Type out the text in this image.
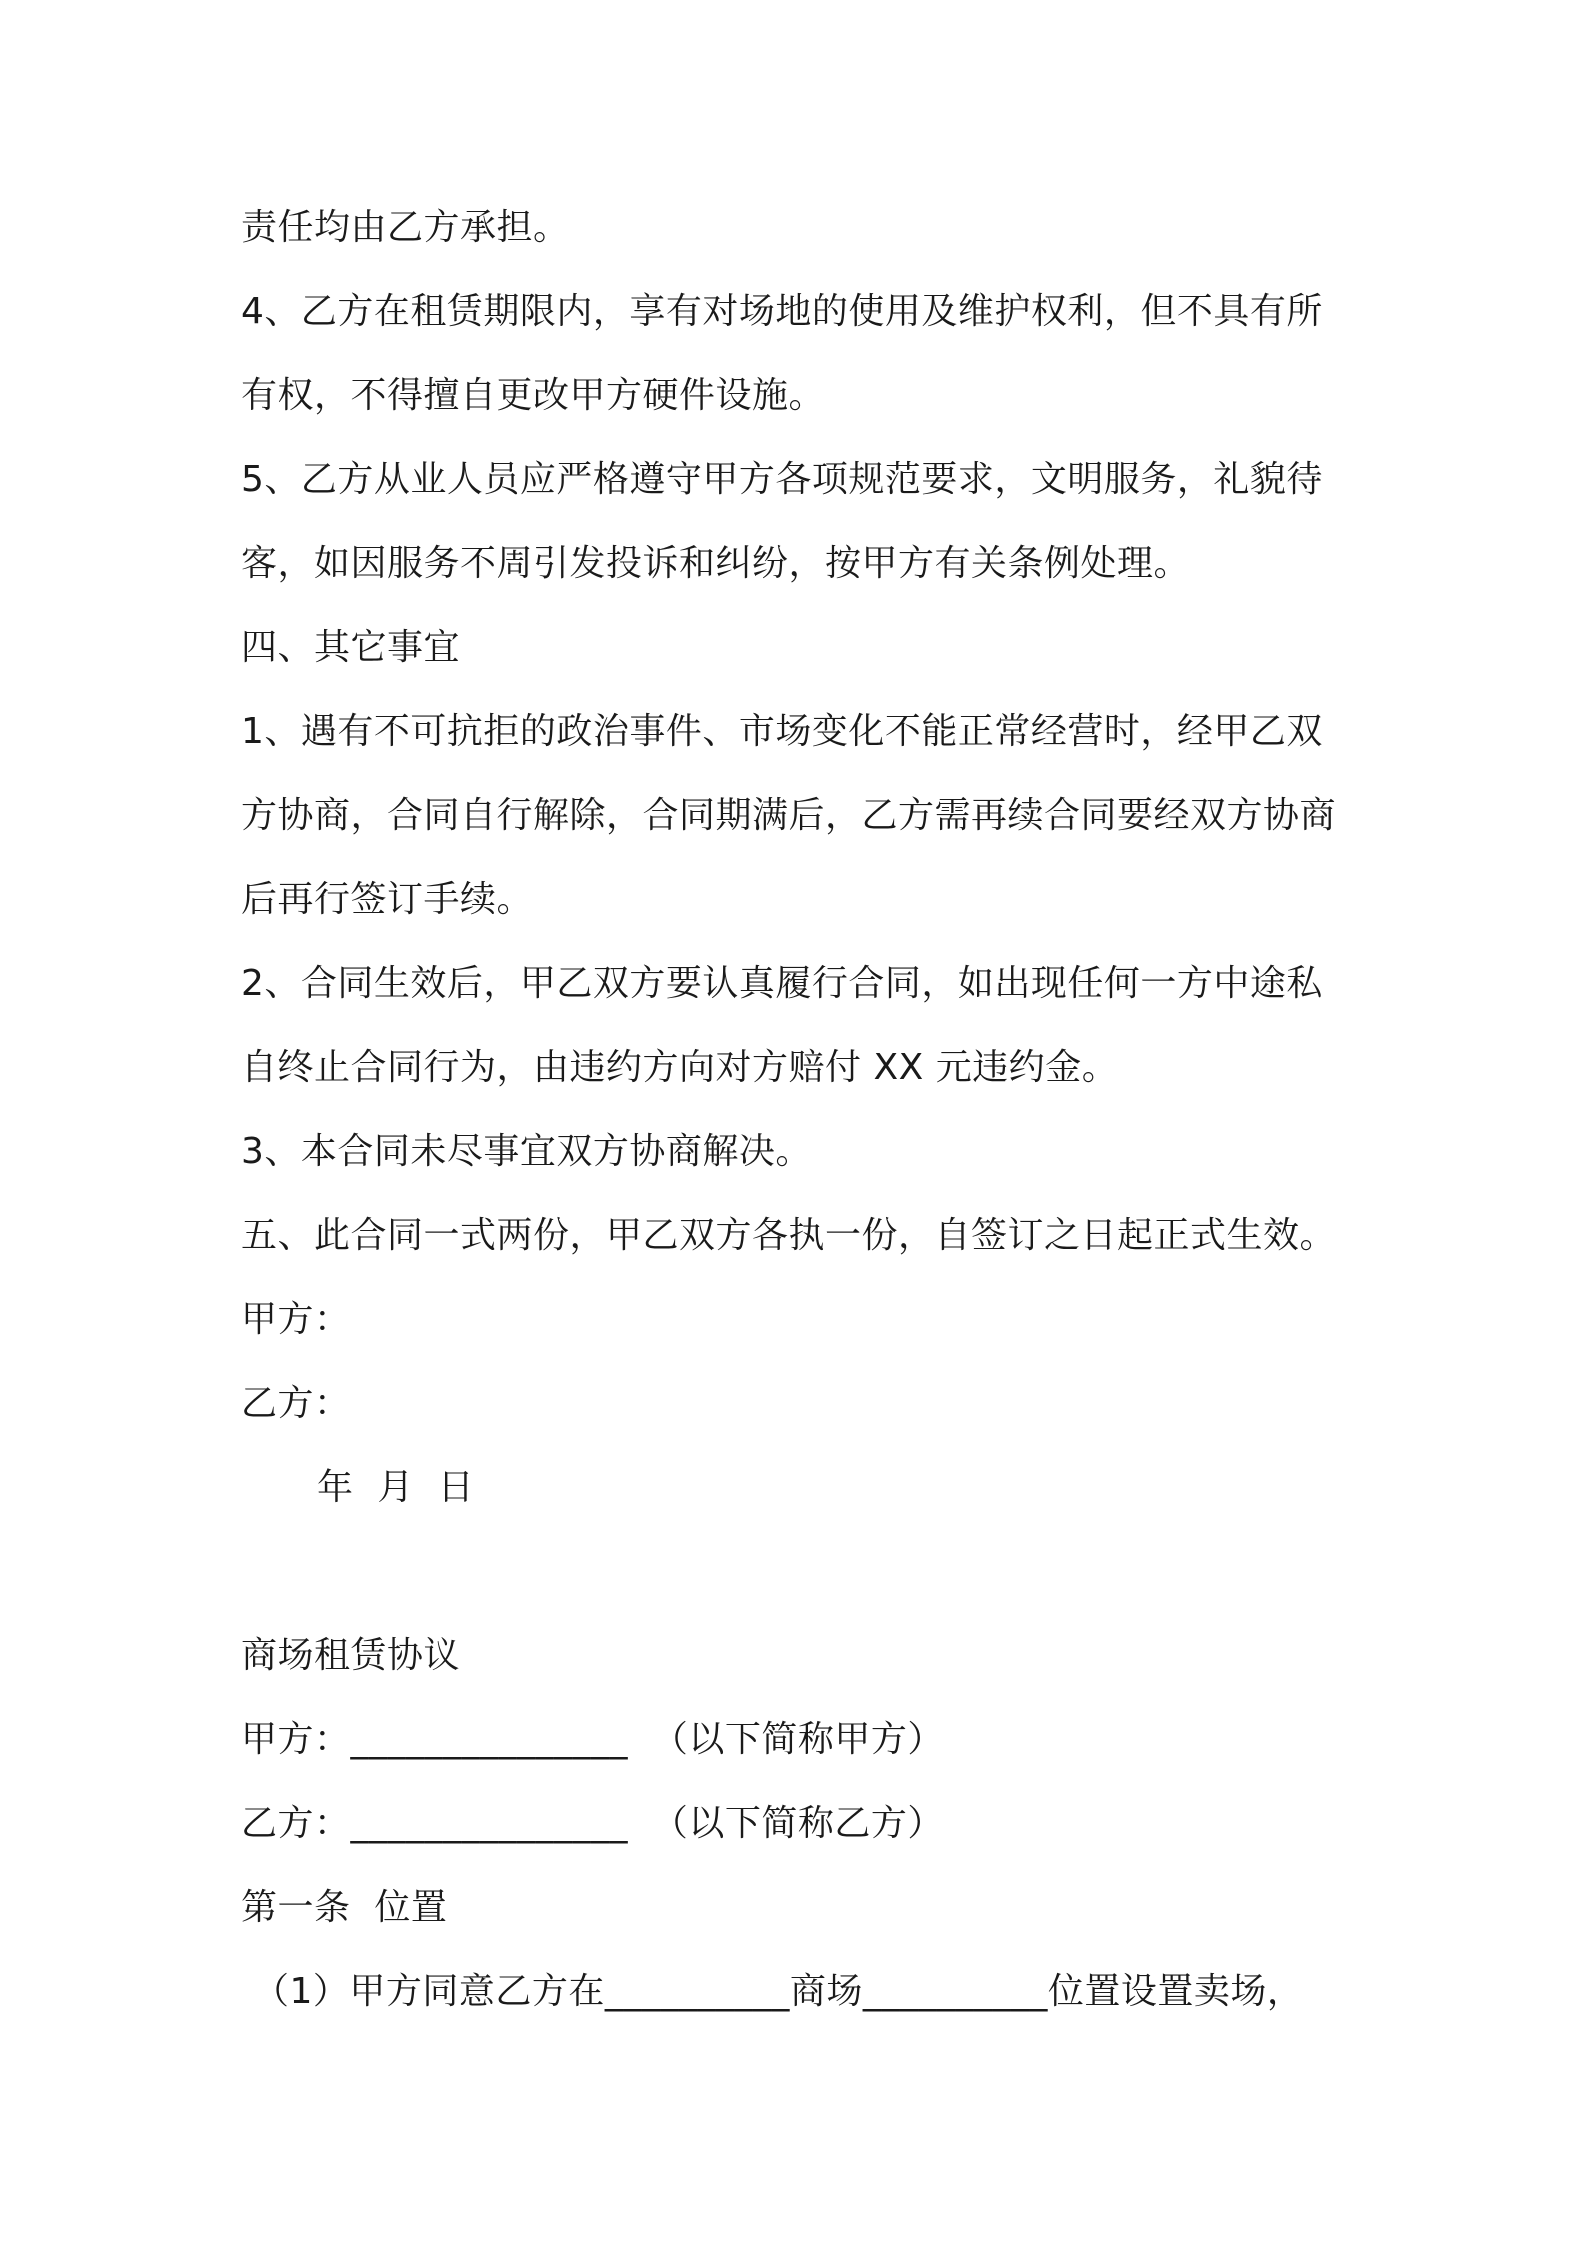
责任均由乙方承担。
4、乙方在租赁期限内，享有对场地的使用及维护权利，但不具有所
有权，不得擅自更改甲方硬件设施。
5、乙方从业人员应严格遵守甲方各项规范要求，文明服务，礼貌待
客，如因服务不周引发投诉和纠纷，按甲方有关条例处理。
四、其它事宜
1、遇有不可抗拒的政治事件、市场变化不能正常经营时，经甲乙双
方协商，合同自行解除，合同期满后，乙方需再续合同要经双方协商
后再行签订手续。
2、合同生效后，甲乙双方要认真履行合同，如出现任何一方中途私
自终止合同行为，由违约方向对方赔付 XX 元违约金。
3、本合同未尽事宜双方协商解决。
五、此合同一式两份，甲乙双方各执一份，自签订之日起正式生效。
甲方：
乙方：
年  月  日
商场租赁协议
甲方：_______________  （以下简称甲方）
乙方：_______________  （以下简称乙方）
第一条  位置
（1）甲方同意乙方在__________商场__________位置设置卖场，
